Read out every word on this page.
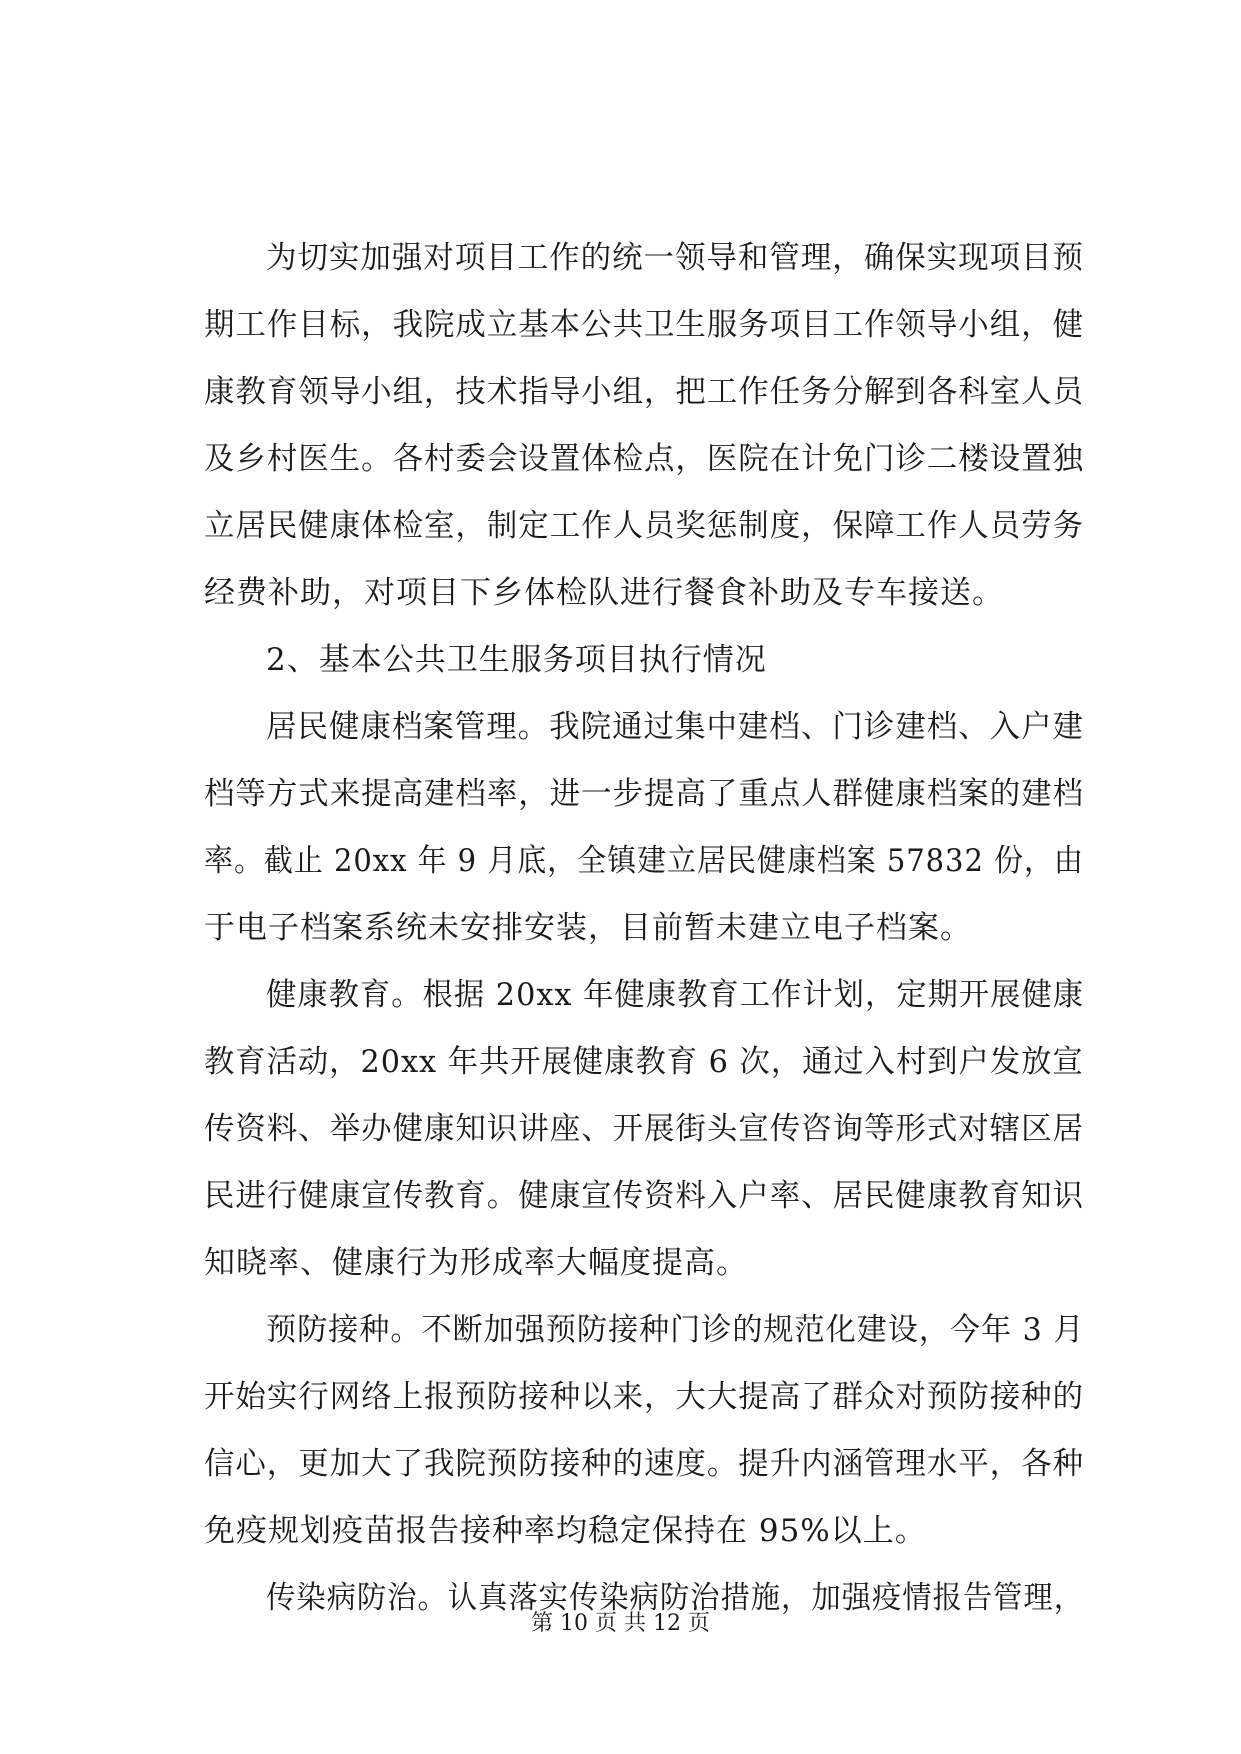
为切实加强对项目工作的统一领导和管理，确保实现项目预
期工作目标，我院成立基本公共卫生服务项目工作领导小组，健
康教育领导小组，技术指导小组，把工作任务分解到各科室人员
及乡村医生。各村委会设置体检点，医院在计免门诊二楼设置独
立居民健康体检室，制定工作人员奖惩制度，保障工作人员劳务
经费补助，对项目下乡体检队进行餐食补助及专车接送。
2、基本公共卫生服务项目执行情况
居民健康档案管理。我院通过集中建档、门诊建档、入户建
档等方式来提高建档率，进一步提高了重点人群健康档案的建档
率。截止 20xx 年 9 月底，全镇建立居民健康档案 57832 份，由
于电子档案系统未安排安装，目前暂未建立电子档案。
健康教育。根据 20xx 年健康教育工作计划，定期开展健康
教育活动，20xx 年共开展健康教育 6 次，通过入村到户发放宣
传资料、举办健康知识讲座、开展街头宣传咨询等形式对辖区居
民进行健康宣传教育。健康宣传资料入户率、居民健康教育知识
知晓率、健康行为形成率大幅度提高。
预防接种。不断加强预防接种门诊的规范化建设，今年 3 月
开始实行网络上报预防接种以来，大大提高了群众对预防接种的
信心，更加大了我院预防接种的速度。提升内涵管理水平，各种
免疫规划疫苗报告接种率均稳定保持在 95%以上。
传染病防治。认真落实传染病防治措施，加强疫情报告管理，
第 10 页 共 12 页
